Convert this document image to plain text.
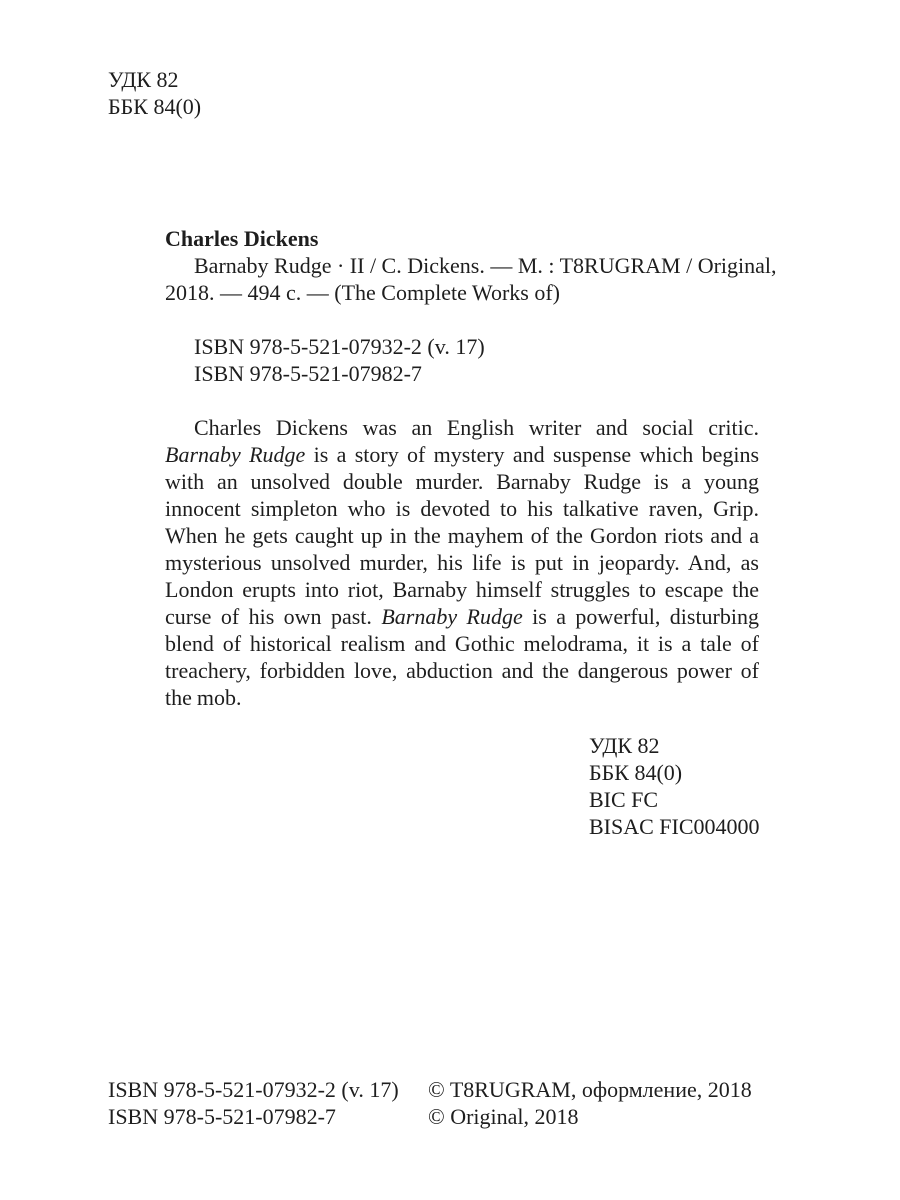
УДК 82
ББК 84(0)
Charles Dickens
Barnaby Rudge · II / C. Dickens. — M. : T8RUGRAM / Original,
2018. — 494 c. — (The Complete Works of)
ISBN 978-5-521-07932-2 (v. 17)
ISBN 978-5-521-07982-7

Charles Dickens was an English writer and social critic. Barnaby Rudge is a story of mystery and suspense which begins with an unsolved double murder. Barnaby Rudge is a young innocent simpleton who is devoted to his talkative raven, Grip. When he gets caught up in the mayhem of the Gordon riots and a mysterious unsolved murder, his life is put in jeopardy. And, as London erupts into riot, Barnaby himself struggles to escape the curse of his own past. Barnaby Rudge is a powerful, disturbing blend of historical realism and Gothic melodrama, it is a tale of treachery, forbidden love, abduction and the dangerous power of the mob.

УДК 82
ББК 84(0)
BIC FC
BISAC FIC004000
ISBN 978-5-521-07932-2 (v. 17)
ISBN 978-5-521-07982-7
© T8RUGRAM, оформление, 2018
© Original, 2018
